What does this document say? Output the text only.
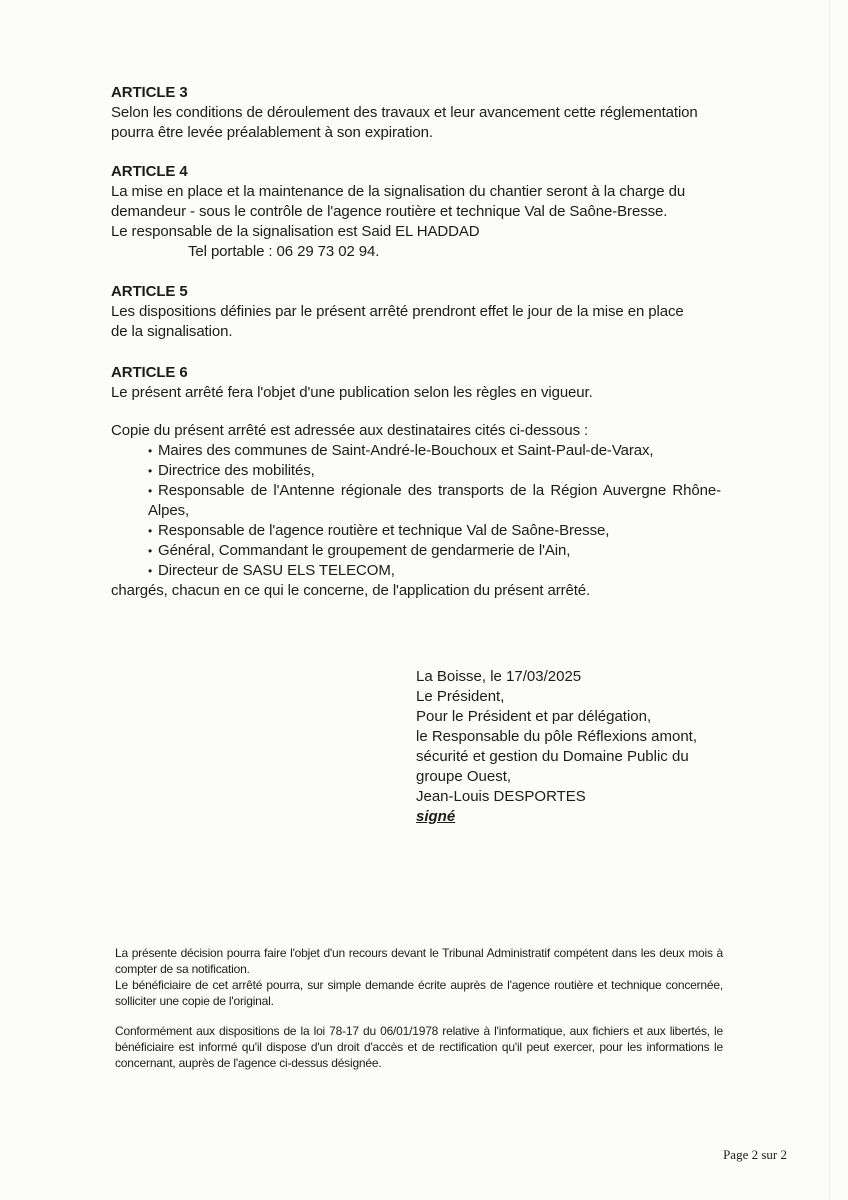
ARTICLE 3

Selon les conditions de déroulement des travaux et leur avancement cette réglementation

pourra être levée préalablement à son expiration.

ARTICLE 4

La mise en place et la maintenance de la signalisation du chantier seront à la charge du

demandeur - sous le contrôle de l'agence routière et technique Val de Saône-Bresse.

Le responsable de la signalisation est Said EL HADDAD

Tel portable : 06 29 73 02 94.

ARTICLE 5

Les dispositions définies par le présent arrêté prendront effet le jour de la mise en place

de la signalisation.

ARTICLE 6

Le présent arrêté fera l'objet d'une publication selon les règles en vigueur.

Copie du présent arrêté est adressée aux destinataires cités ci-dessous :

• Maires des communes de Saint-André-le-Bouchoux et Saint-Paul-de-Varax,
• Directrice des mobilités,
• Responsable de l'Antenne régionale des transports de la Région Auvergne Rhône-Alpes,
• Responsable de l'agence routière et technique Val de Saône-Bresse,
• Général, Commandant le groupement de gendarmerie de l'Ain,
• Directeur de SASU ELS TELECOM,

chargés, chacun en ce qui le concerne, de l'application du présent arrêté.

La Boisse, le 17/03/2025

Le Président,

Pour le Président et par délégation,

le Responsable du pôle Réflexions amont,

sécurité et gestion du Domaine Public du

groupe Ouest,

Jean-Louis DESPORTES

signé

La présente décision pourra faire l'objet d'un recours devant le Tribunal Administratif compétent dans les deux mois à compter de sa notification.

Le bénéficiaire de cet arrêté pourra, sur simple demande écrite auprès de l'agence routière et technique concernée, solliciter une copie de l'original.

Conformément aux dispositions de la loi 78-17 du 06/01/1978 relative à l'informatique, aux fichiers et aux libertés, le bénéficiaire est informé qu'il dispose d'un droit d'accès et de rectification qu'il peut exercer, pour les informations le concernant, auprès de l'agence ci-dessus désignée.

Page 2 sur 2
